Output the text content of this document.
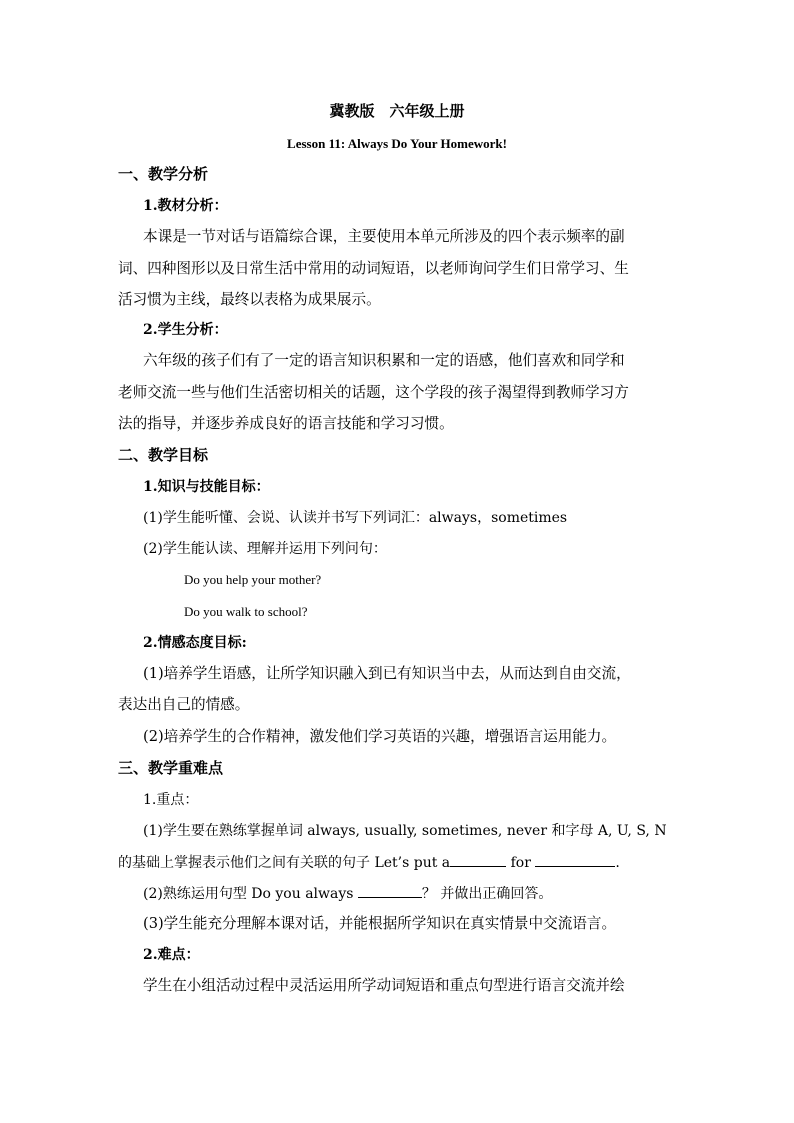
冀教版　六年级上册
Lesson 11: Always Do Your Homework!
一、教学分析
1.教材分析：
本课是一节对话与语篇综合课，主要使用本单元所涉及的四个表示频率的副
词、四种图形以及日常生活中常用的动词短语，以老师询问学生们日常学习、生
活习惯为主线，最终以表格为成果展示。
2.学生分析：
六年级的孩子们有了一定的语言知识积累和一定的语感，他们喜欢和同学和
老师交流一些与他们生活密切相关的话题，这个学段的孩子渴望得到教师学习方
法的指导，并逐步养成良好的语言技能和学习习惯。
二、教学目标
1.知识与技能目标：
(1)学生能听懂、会说、认读并书写下列词汇：always，sometimes
(2)学生能认读、理解并运用下列问句：
Do you help your mother?
Do you walk to school?
2.情感态度目标:
(1)培养学生语感，让所学知识融入到已有知识当中去，从而达到自由交流，
表达出自己的情感。
(2)培养学生的合作精神，激发他们学习英语的兴趣，增强语言运用能力。
三、教学重难点
1.重点：
(1)学生要在熟练掌握单词 always, usually, sometimes, never 和字母 A, U, S, N
的基础上掌握表示他们之间有关联的句子 Let’s put a	for	.
(2)熟练运用句型 Do you always	？ 并做出正确回答。
(3)学生能充分理解本课对话，并能根据所学知识在真实情景中交流语言。
2.难点：
学生在小组活动过程中灵活运用所学动词短语和重点句型进行语言交流并绘
